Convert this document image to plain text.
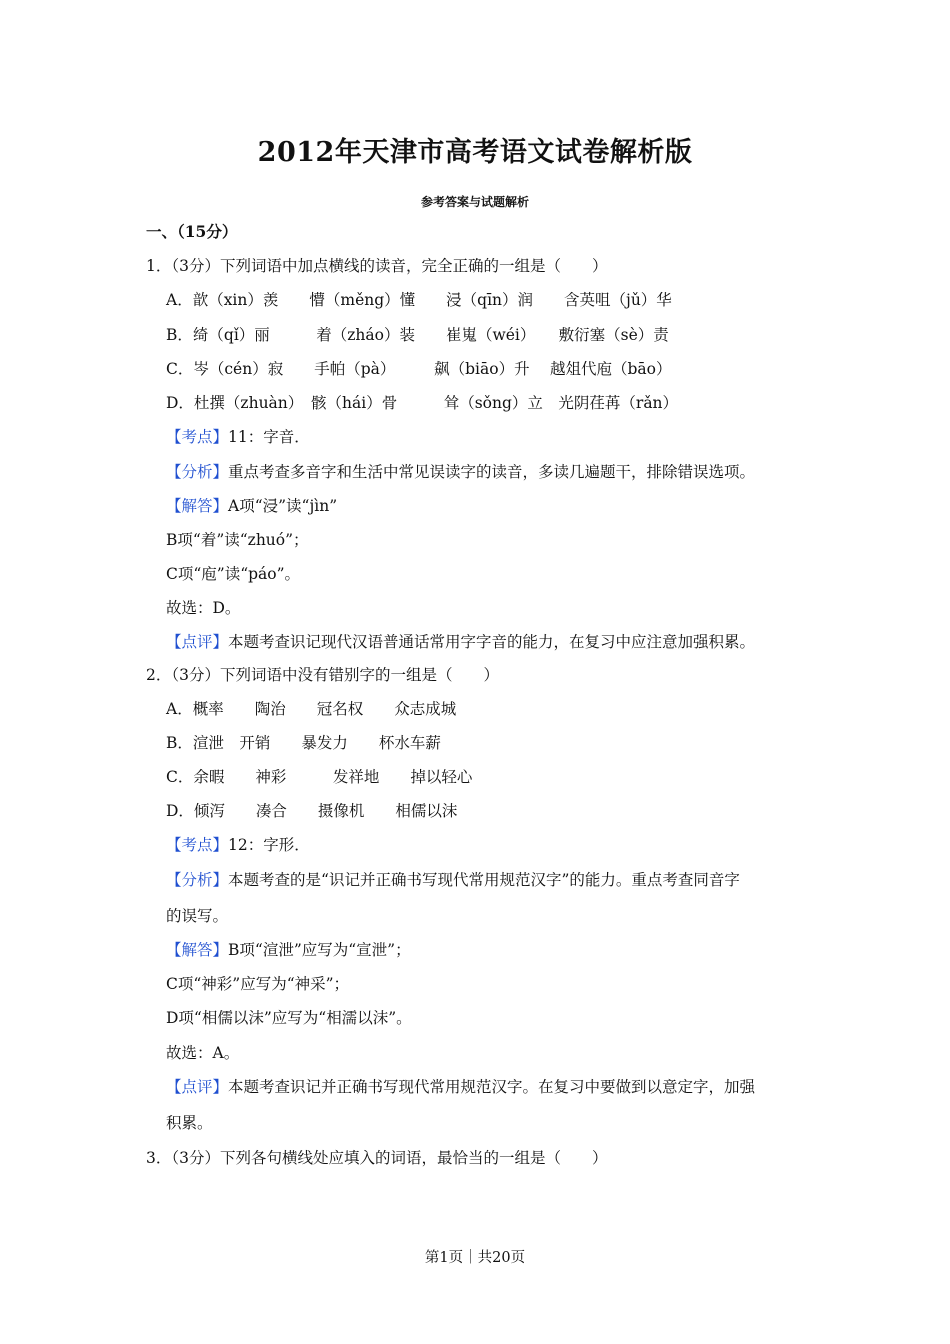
2012年天津市高考语文试卷解析版
参考答案与试题解析
一、（15分）
1．（3分）下列词语中加点横线的读音，完全正确的一组是（　　）
A．歆（xin）羡　　懵（měng）懂　　浸（qīn）润　　含英咀（jǔ）华
B．绮（qǐ）丽　　　着（zháo）装　　崔嵬（wéi）　　敷衍塞（sè）责
C．岑（cén）寂　　手帕（pà）　　　飙（biāo）升　 越俎代庖（bāo）
D．杜撰（zhuàn）　骸（hái）骨　　　耸（sǒng）立　光阴荏苒（rǎn）
【考点】11：字音．
【分析】重点考查多音字和生活中常见误读字的读音，多读几遍题干，排除错误选项。
【解答】A项“浸”读“jìn”
B项“着”读“zhuó”；
C项“庖”读“páo”。
故选：D。
【点评】本题考查识记现代汉语普通话常用字字音的能力，在复习中应注意加强积累。
2．（3分）下列词语中没有错别字的一组是（　　）
A．概率　　陶治　　冠名权　　众志成城
B．渲泄　开销　　暴发力　　杯水车薪
C．余暇　　神彩　　　发祥地　　掉以轻心
D．倾泻　　凑合　　摄像机　　相儒以沫
【考点】12：字形．
【分析】本题考查的是“识记并正确书写现代常用规范汉字”的能力。重点考查同音字
的误写。
【解答】B项“渲泄”应写为“宣泄”；
C项“神彩”应写为“神采”；
D项“相儒以沫”应写为“相濡以沫”。
故选：A。
【点评】本题考查识记并正确书写现代常用规范汉字。在复习中要做到以意定字，加强
积累。
3．（3分）下列各句横线处应填入的词语，最恰当的一组是（　　）
第1页｜共20页
